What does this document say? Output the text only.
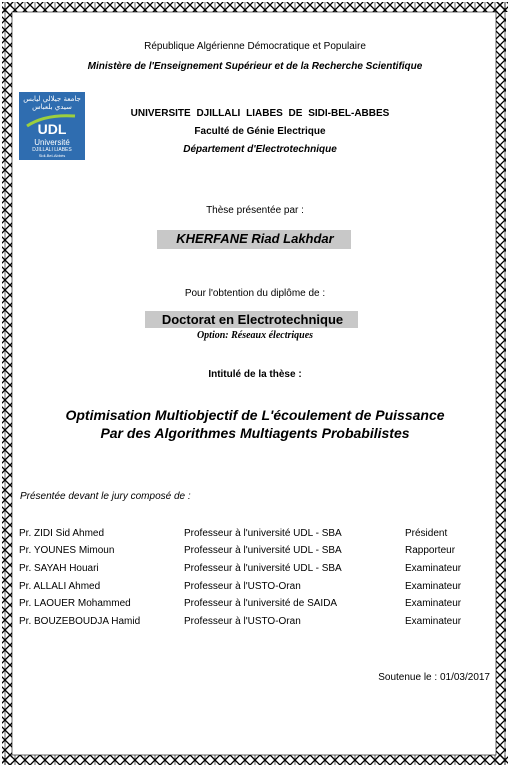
République Algérienne Démocratique et Populaire
Ministère de l'Enseignement Supérieur et de la Recherche Scientifique
جامعة جيلالي ليابس
سيدي بلعباس
UDL
Université
DJILLALI LIABES
Sidi-Bel-Abbès
UNIVERSITE DJILLALI LIABES DE SIDI-BEL-ABBES
Faculté de Génie Electrique
Département d'Electrotechnique
Thèse présentée par :
KHERFANE Riad Lakhdar
Pour l'obtention du diplôme de :
Doctorat en Electrotechnique
Option: Réseaux électriques
Intitulé de la thèse :
Optimisation Multiobjectif de L'écoulement de Puissance
Par des Algorithmes Multiagents Probabilistes
Présentée devant le jury composé de :
Pr. ZIDI Sid Ahmed	Professeur à l'université UDL - SBA	Président
Pr. YOUNES Mimoun	Professeur à l'université UDL - SBA	Rapporteur
Pr. SAYAH Houari	Professeur à l'université UDL - SBA	Examinateur
Pr. ALLALI Ahmed	Professeur à l'USTO-Oran	Examinateur
Pr. LAOUER Mohammed	Professeur à l'université de SAIDA	Examinateur
Pr. BOUZEBOUDJA Hamid	Professeur à l'USTO-Oran	Examinateur
Soutenue le : 01/03/2017
